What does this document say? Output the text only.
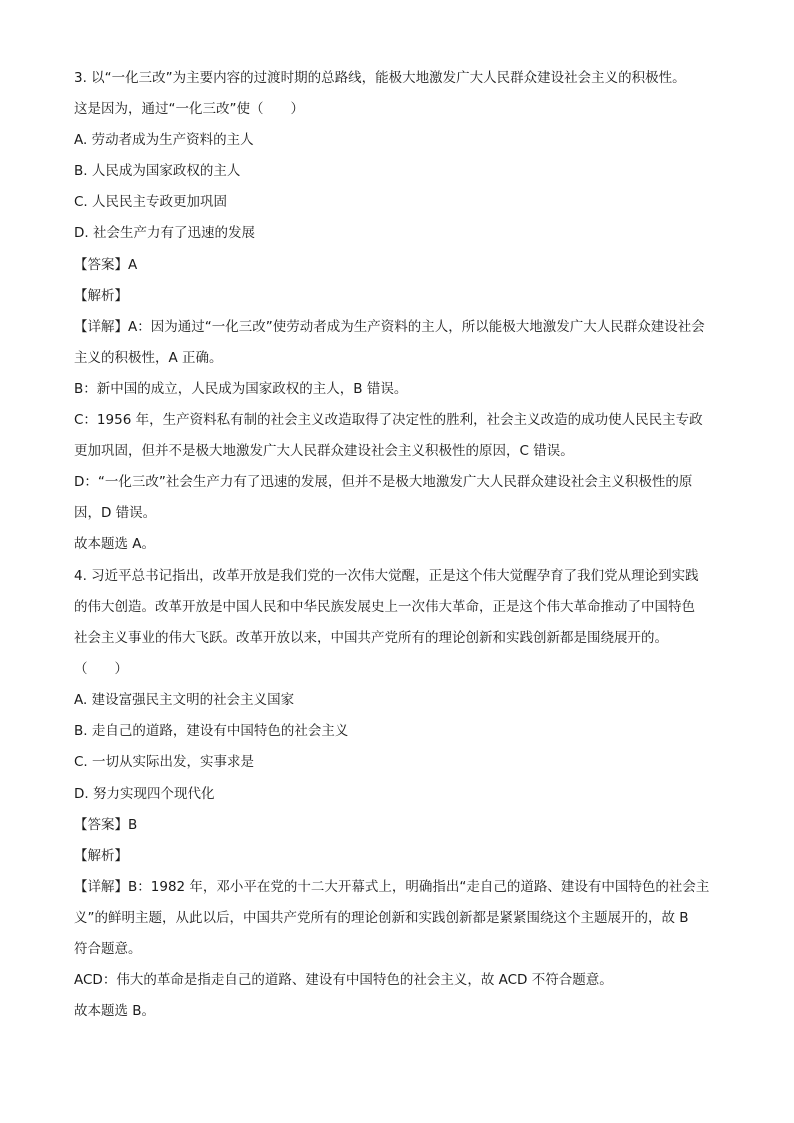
3. 以“一化三改”为主要内容的过渡时期的总路线，能极大地激发广大人民群众建设社会主义的积极性。
这是因为，通过“一化三改”使（　　）
A. 劳动者成为生产资料的主人
B. 人民成为国家政权的主人
C. 人民民主专政更加巩固
D. 社会生产力有了迅速的发展
【答案】A
【解析】
【详解】A：因为通过“一化三改”使劳动者成为生产资料的主人，所以能极大地激发广大人民群众建设社会
主义的积极性，A 正确。
B：新中国的成立，人民成为国家政权的主人，B 错误。
C：1956 年，生产资料私有制的社会主义改造取得了决定性的胜利，社会主义改造的成功使人民民主专政
更加巩固，但并不是极大地激发广大人民群众建设社会主义积极性的原因，C 错误。
D：“一化三改”社会生产力有了迅速的发展，但并不是极大地激发广大人民群众建设社会主义积极性的原
因，D 错误。
故本题选 A。
4. 习近平总书记指出，改革开放是我们党的一次伟大觉醒，正是这个伟大觉醒孕育了我们党从理论到实践
的伟大创造。改革开放是中国人民和中华民族发展史上一次伟大革命，正是这个伟大革命推动了中国特色
社会主义事业的伟大飞跃。改革开放以来，中国共产党所有的理论创新和实践创新都是围绕展开的。
（　　）
A. 建设富强民主文明的社会主义国家
B. 走自己的道路，建设有中国特色的社会主义
C. 一切从实际出发，实事求是
D. 努力实现四个现代化
【答案】B
【解析】
【详解】B：1982 年，邓小平在党的十二大开幕式上，明确指出“走自己的道路、建设有中国特色的社会主
义”的鲜明主题，从此以后，中国共产党所有的理论创新和实践创新都是紧紧围绕这个主题展开的，故 B
符合题意。
ACD：伟大的革命是指走自己的道路、建设有中国特色的社会主义，故 ACD 不符合题意。
故本题选 B。
